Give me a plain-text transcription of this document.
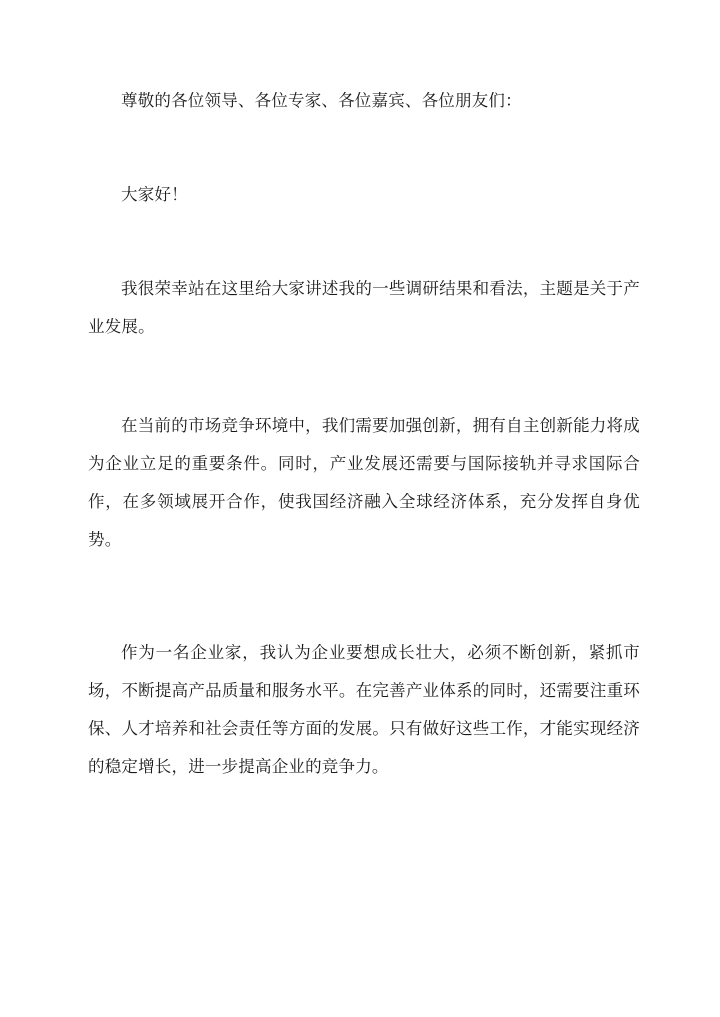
尊敬的各位领导、各位专家、各位嘉宾、各位朋友们：

大家好！

我很荣幸站在这里给大家讲述我的一些调研结果和看法，主题是关于产业发展。

在当前的市场竞争环境中，我们需要加强创新，拥有自主创新能力将成为企业立足的重要条件。同时，产业发展还需要与国际接轨并寻求国际合作，在多领域展开合作，使我国经济融入全球经济体系，充分发挥自身优势。

作为一名企业家，我认为企业要想成长壮大，必须不断创新，紧抓市场，不断提高产品质量和服务水平。在完善产业体系的同时，还需要注重环保、人才培养和社会责任等方面的发展。只有做好这些工作，才能实现经济的稳定增长，进一步提高企业的竞争力。
